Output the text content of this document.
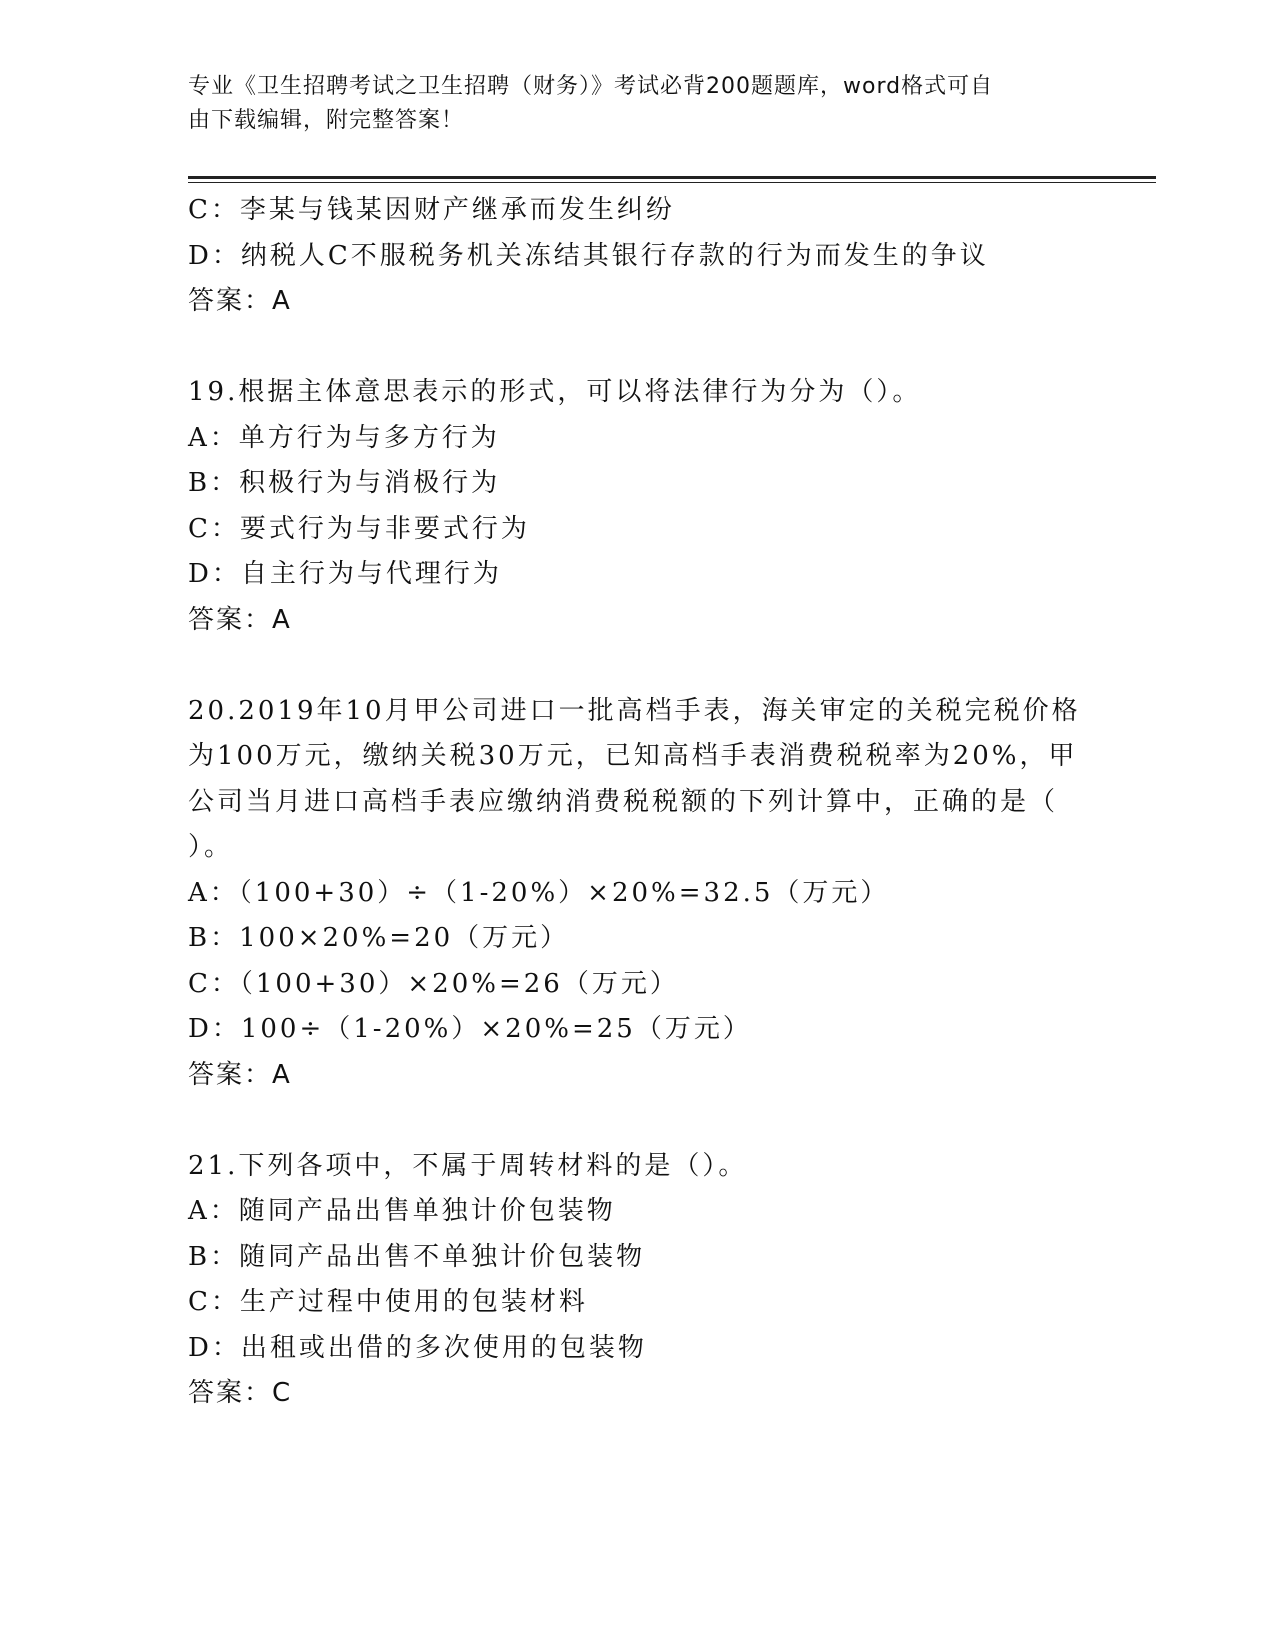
专业《卫生招聘考试之卫生招聘（财务）》考试必背200题题库，word格式可自
由下载编辑，附完整答案！
C：李某与钱某因财产继承而发生纠纷
D：纳税人C不服税务机关冻结其银行存款的行为而发生的争议
答案：A
19.根据主体意思表示的形式，可以将法律行为分为（）。
A：单方行为与多方行为
B：积极行为与消极行为
C：要式行为与非要式行为
D：自主行为与代理行为
答案：A
20.2019年10月甲公司进口一批高档手表，海关审定的关税完税价格
为100万元，缴纳关税30万元，已知高档手表消费税税率为20%，甲
公司当月进口高档手表应缴纳消费税税额的下列计算中，正确的是（
）。
A：（100+30）÷（1-20%）×20%=32.5（万元）
B：100×20%=20（万元）
C：（100+30）×20%=26（万元）
D：100÷（1-20%）×20%=25（万元）
答案：A
21.下列各项中，不属于周转材料的是（）。
A：随同产品出售单独计价包装物
B：随同产品出售不单独计价包装物
C：生产过程中使用的包装材料
D：出租或出借的多次使用的包装物
答案：C
